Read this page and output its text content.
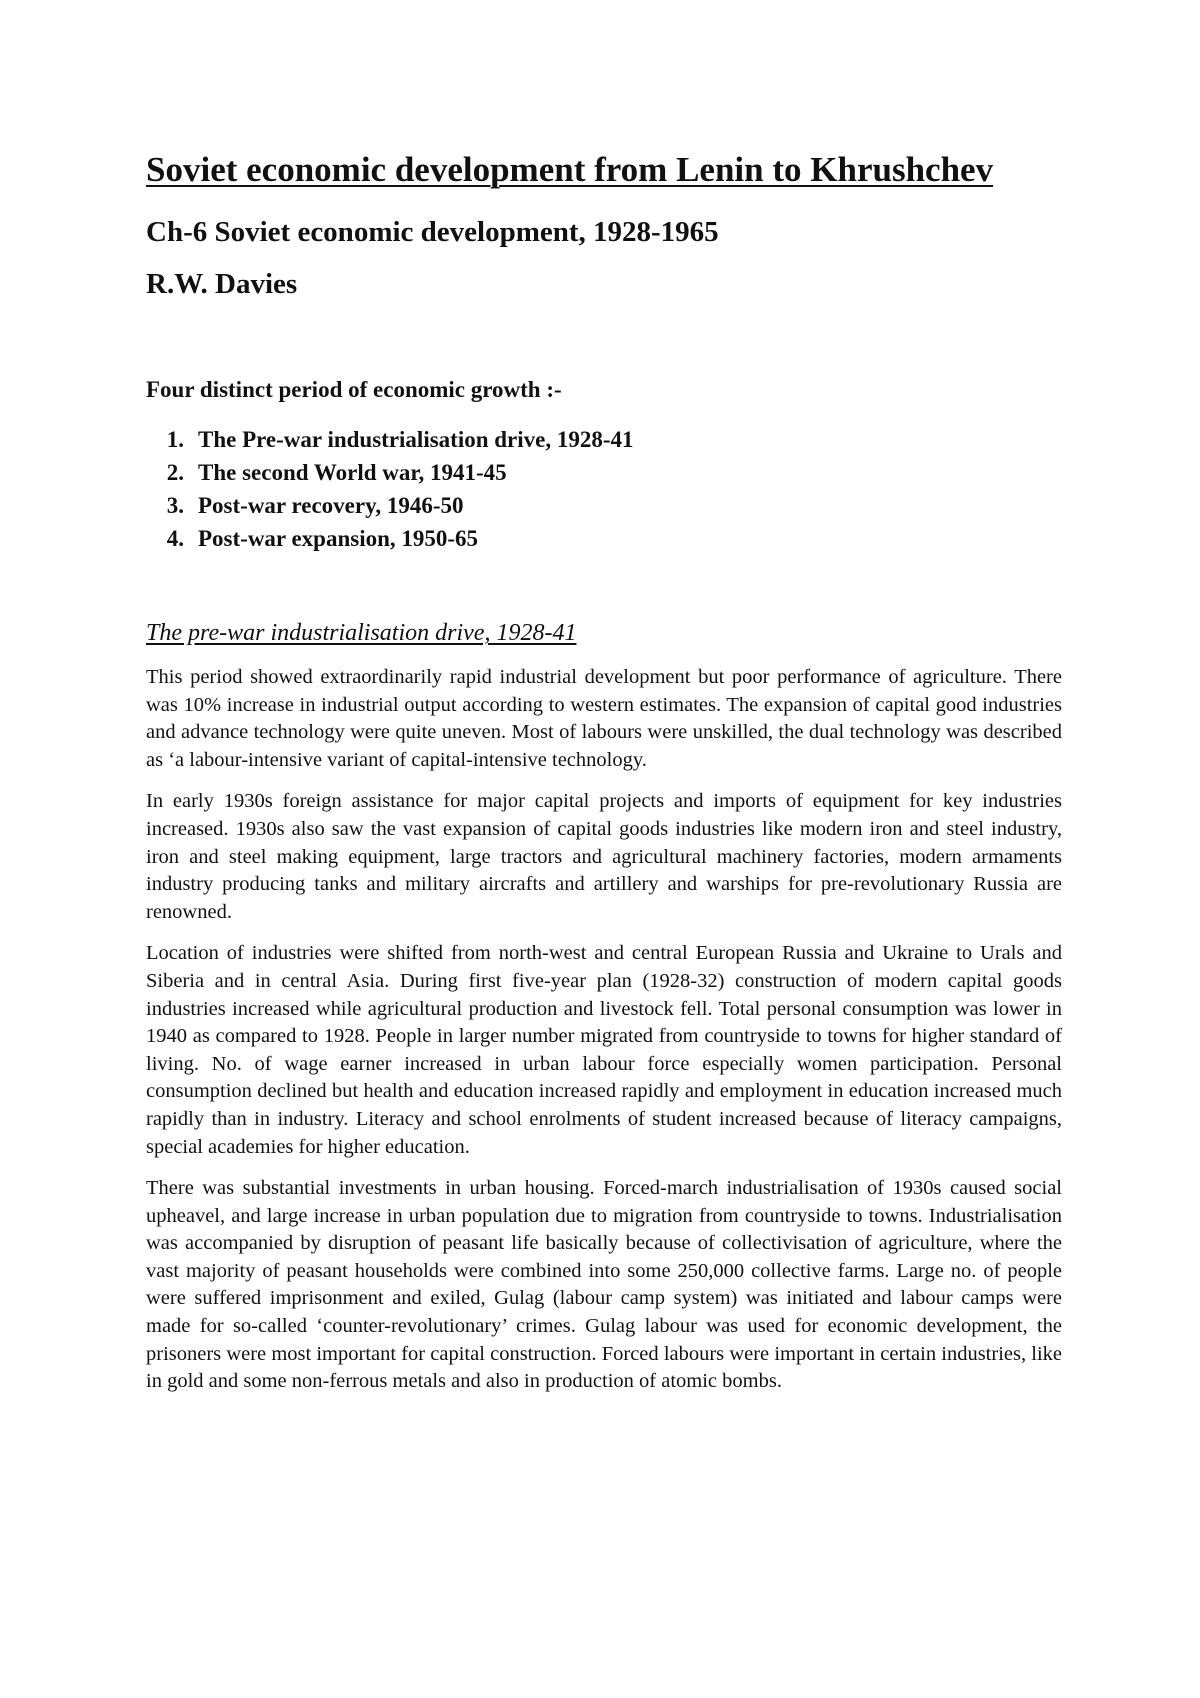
Soviet economic development from Lenin to Khrushchev
Ch-6 Soviet economic development, 1928-1965
R.W. Davies

Four distinct period of economic growth :-

1. The Pre-war industrialisation drive, 1928-41
2. The second World war, 1941-45
3. Post-war recovery, 1946-50
4. Post-war expansion, 1950-65
The pre-war industrialisation drive, 1928-41

This period showed extraordinarily rapid industrial development but poor performance of agriculture. There was 10% increase in industrial output according to western estimates. The expansion of capital good industries and advance technology were quite uneven. Most of labours were unskilled, the dual technology was described as ‘a labour-intensive variant of capital-intensive technology.

In early 1930s foreign assistance for major capital projects and imports of equipment for key industries increased. 1930s also saw the vast expansion of capital goods industries like modern iron and steel industry, iron and steel making equipment, large tractors and agricultural machinery factories, modern armaments industry producing tanks and military aircrafts and artillery and warships for pre-revolutionary Russia are renowned.

Location of industries were shifted from north-west and central European Russia and Ukraine to Urals and Siberia and in central Asia. During first five-year plan (1928-32) construction of modern capital goods industries increased while agricultural production and livestock fell. Total personal consumption was lower in 1940 as compared to 1928. People in larger number migrated from countryside to towns for higher standard of living. No. of wage earner increased in urban labour force especially women participation. Personal consumption declined but health and education increased rapidly and employment in education increased much rapidly than in industry. Literacy and school enrolments of student increased because of literacy campaigns, special academies for higher education.

There was substantial investments in urban housing. Forced-march industrialisation of 1930s caused social upheavel, and large increase in urban population due to migration from countryside to towns. Industrialisation was accompanied by disruption of peasant life basically because of collectivisation of agriculture, where the vast majority of peasant households were combined into some 250,000 collective farms. Large no. of people were suffered imprisonment and exiled, Gulag (labour camp system) was initiated and labour camps were made for so-called ‘counter-revolutionary’ crimes. Gulag labour was used for economic development, the prisoners were most important for capital construction. Forced labours were important in certain industries, like in gold and some non-ferrous metals and also in production of atomic bombs.
